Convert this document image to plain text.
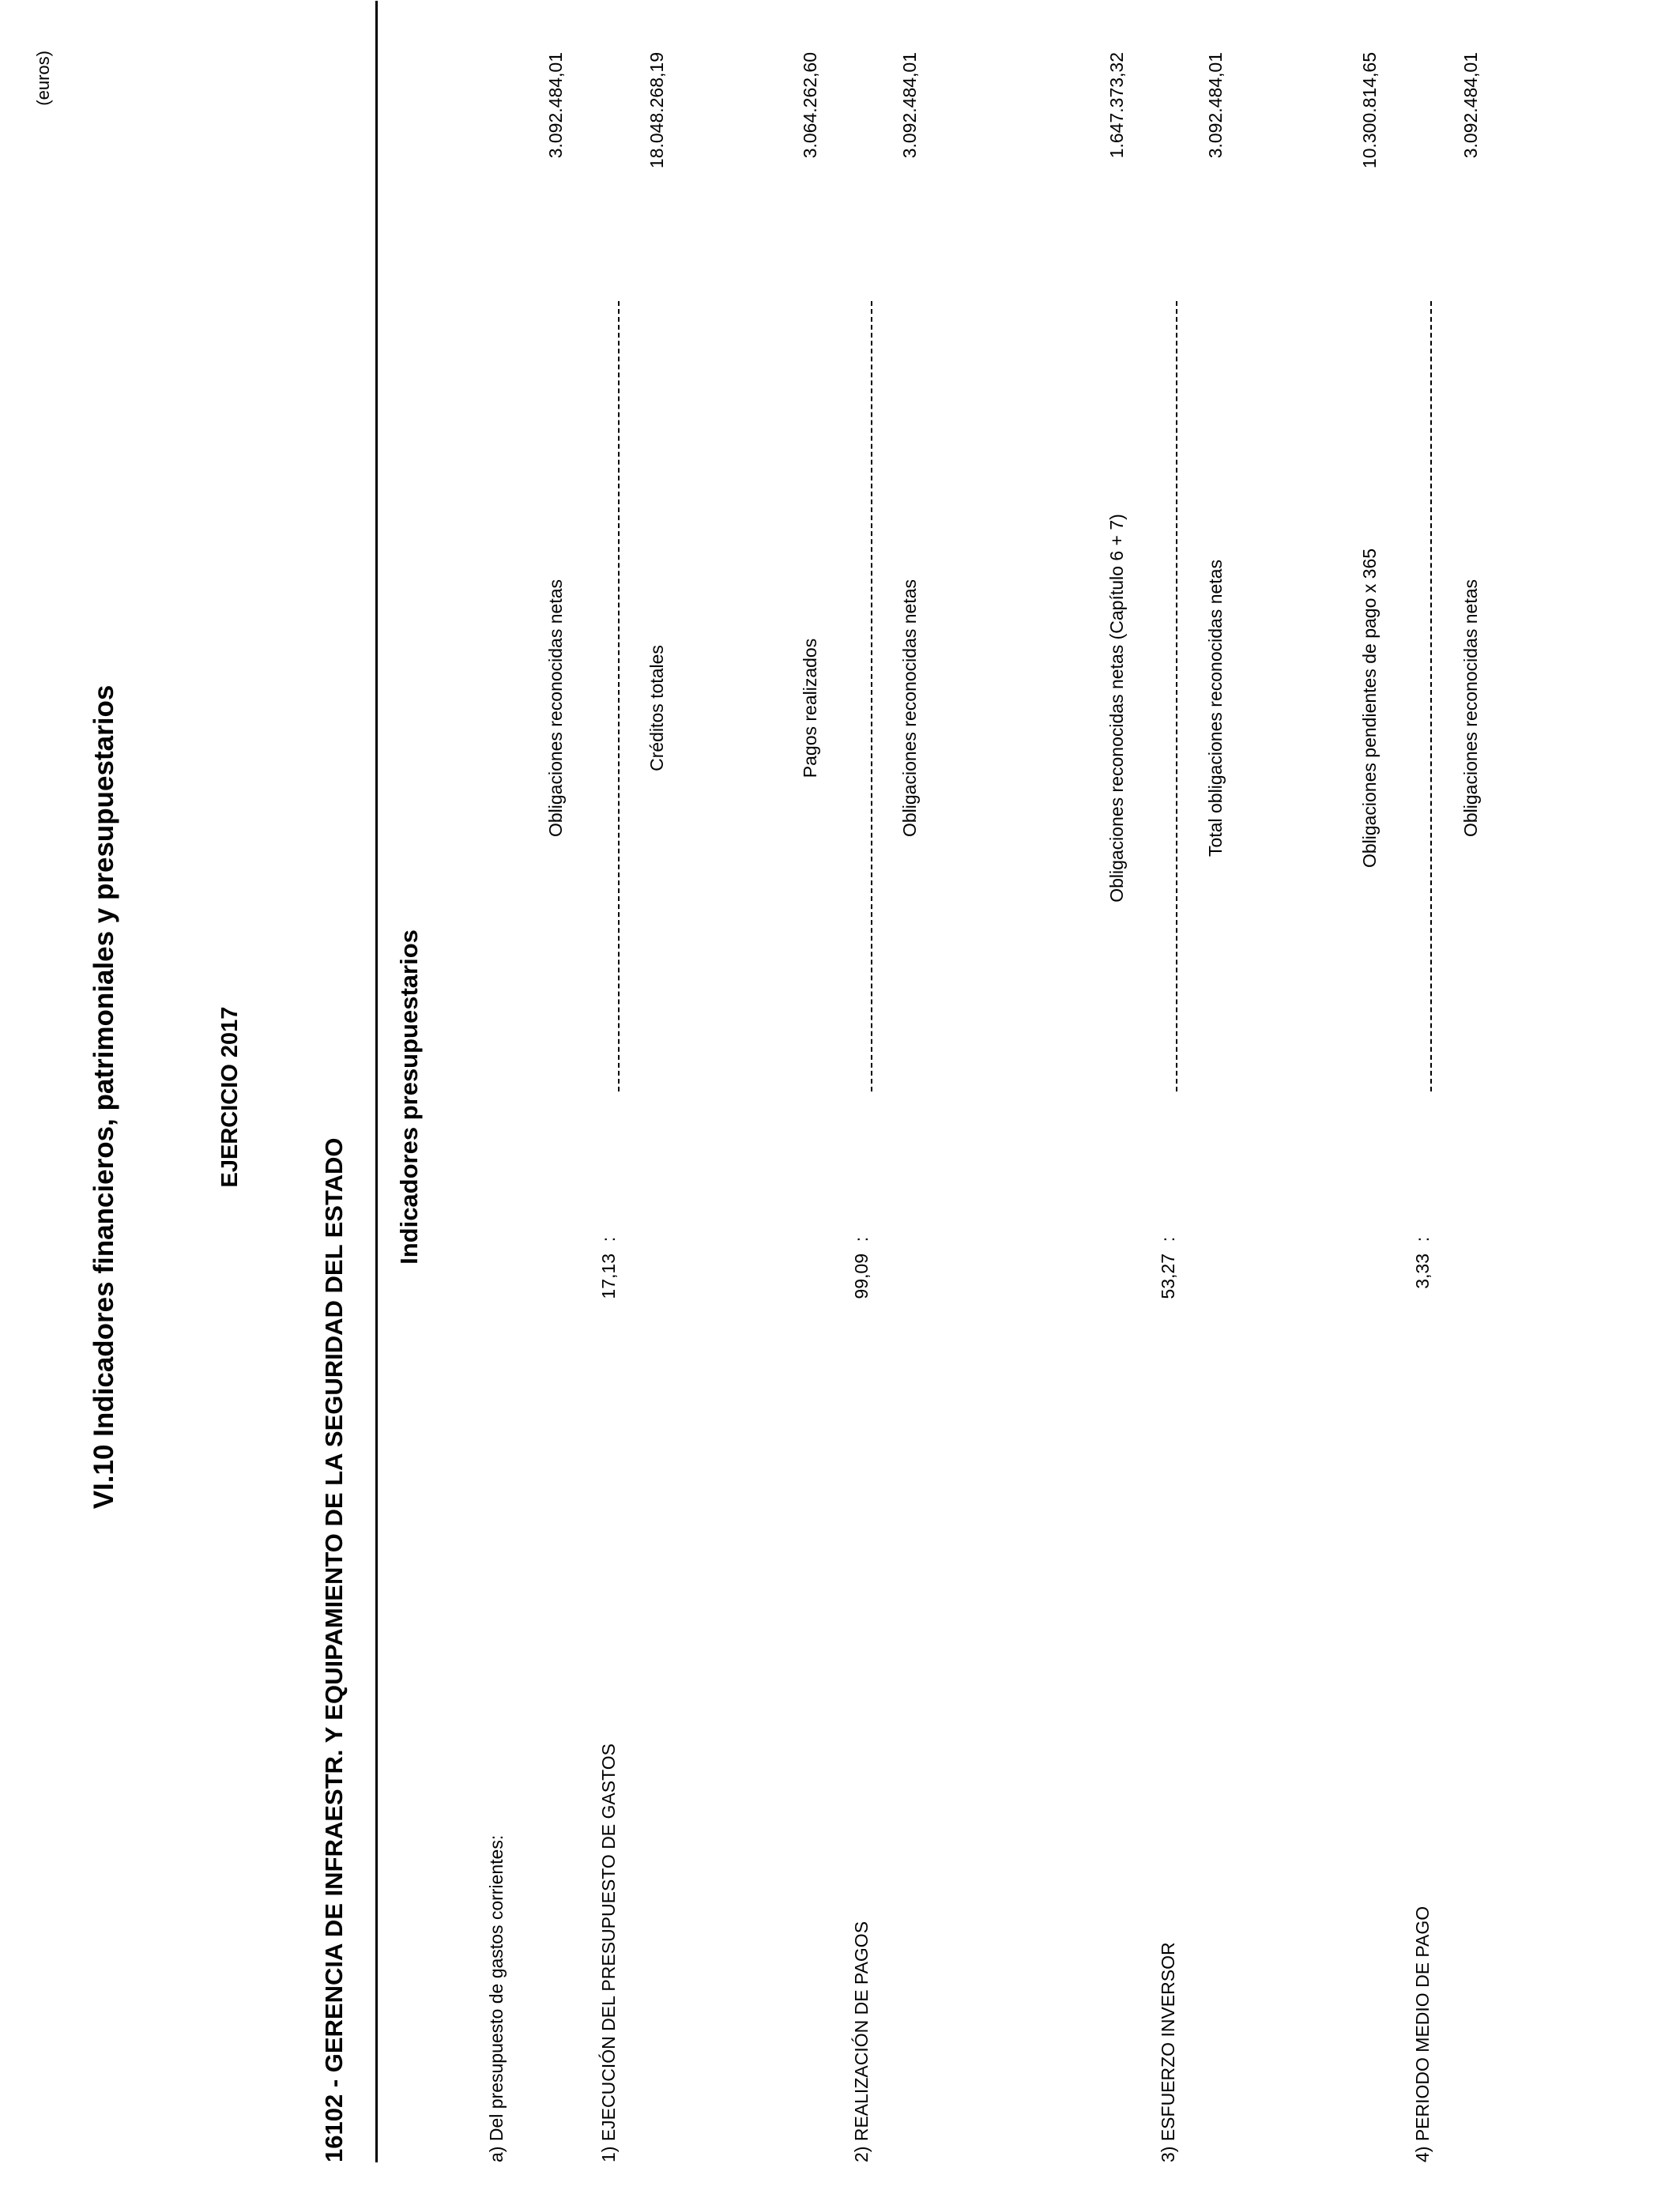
VI.10 Indicadores financieros, patrimoniales y presupuestarios	EJERCICIO 2017
16102 - GERENCIA DE INFRAESTR. Y EQUIPAMIENTO DE LA SEGURIDAD DEL ESTADO
(euros)
Indicadores presupuestarios
a) Del presupuesto de gastos corrientes:
Obligaciones reconocidas netas
3.092.484,01
1) EJECUCIÓN DEL PRESUPUESTO DE GASTOS
17,13
:
Créditos totales
18.048.268,19
Pagos realizados
3.064.262,60
2) REALIZACIÓN DE PAGOS
99,09
:
Obligaciones reconocidas netas
3.092.484,01
Obligaciones reconocidas netas (Capítulo 6 + 7)
1.647.373,32
3) ESFUERZO INVERSOR
53,27
:
Total obligaciones reconocidas netas
3.092.484,01
Obligaciones pendientes de pago x 365
10.300.814,65
4) PERIODO MEDIO DE PAGO
3,33
:
Obligaciones reconocidas netas
3.092.484,01
